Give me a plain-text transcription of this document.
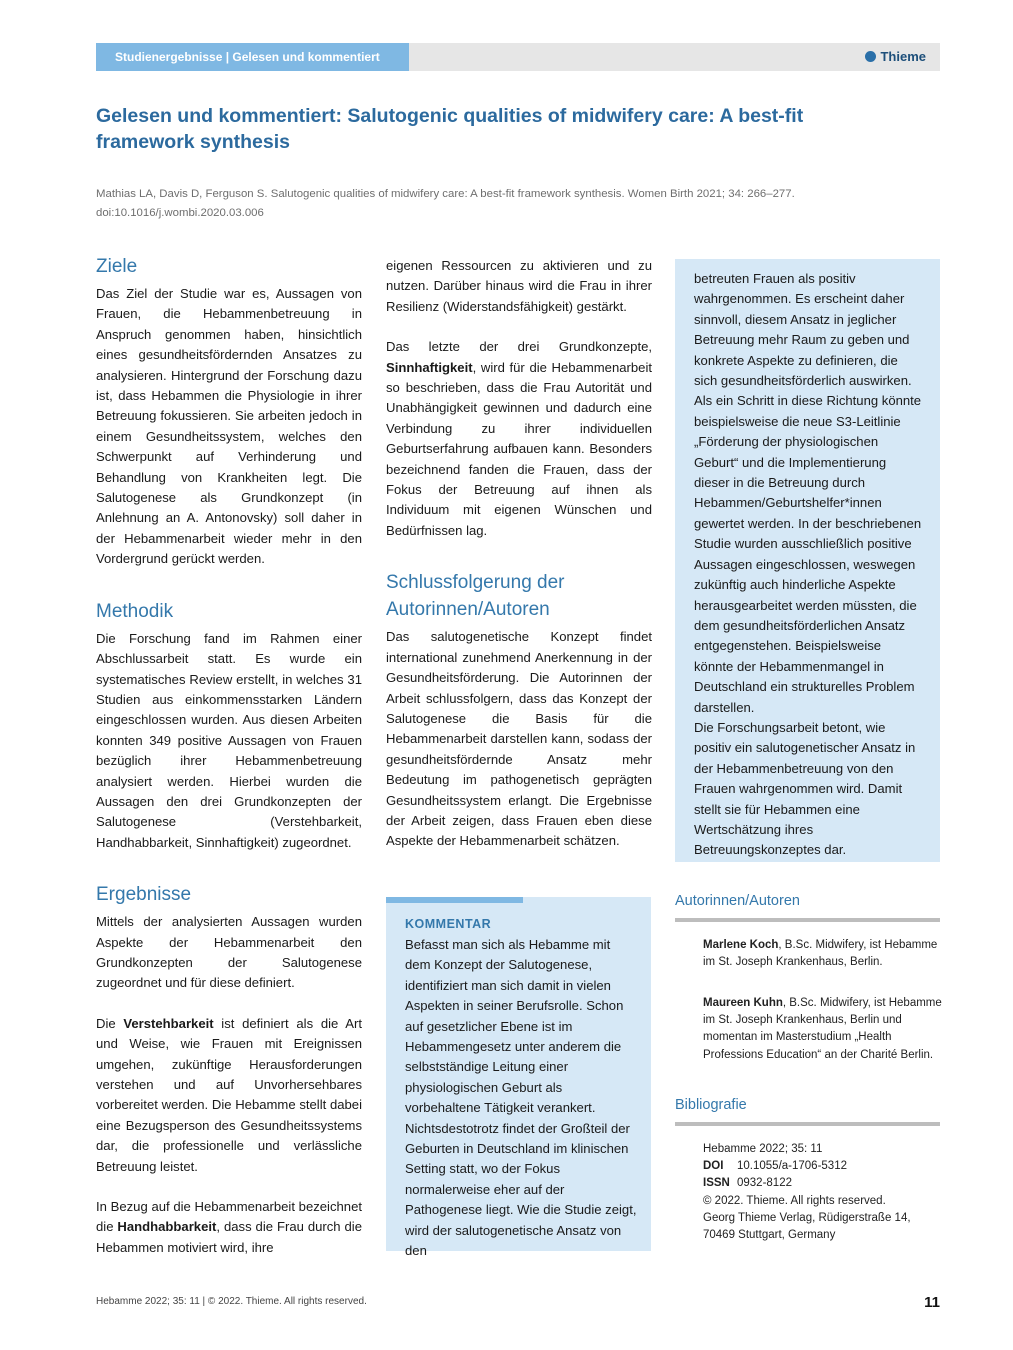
Studienergebnisse | Gelesen und kommentiert	Thieme
Gelesen und kommentiert: Salutogenic qualities of midwifery care: A best-fit framework synthesis
Mathias LA, Davis D, Ferguson S. Salutogenic qualities of midwifery care: A best-fit framework synthesis. Women Birth 2021; 34: 266–277.
doi:10.1016/j.wombi.2020.03.006
Ziele

Das Ziel der Studie war es, Aussagen von Frauen, die Hebammenbetreuung in Anspruch genommen haben, hinsichtlich eines gesundheitsfördernden Ansatzes zu analysieren. Hintergrund der Forschung dazu ist, dass Hebammen die Physiologie in ihrer Betreuung fokussieren. Sie arbeiten jedoch in einem Gesundheitssystem, welches den Schwerpunkt auf Verhinderung und Behandlung von Krankheiten legt. Die Salutogenese als Grundkonzept (in Anlehnung an A. Antonovsky) soll daher in der Hebammenarbeit wieder mehr in den Vordergrund gerückt werden.

Methodik

Die Forschung fand im Rahmen einer Abschlussarbeit statt. Es wurde ein systematisches Review erstellt, in welches 31 Studien aus einkommensstarken Ländern eingeschlossen wurden. Aus diesen Arbeiten konnten 349 positive Aussagen von Frauen bezüglich ihrer Hebammenbetreuung analysiert werden. Hierbei wurden die Aussagen den drei Grundkonzepten der Salutogenese (Verstehbarkeit, Handhabbarkeit, Sinnhaftigkeit) zugeordnet.

Ergebnisse

Mittels der analysierten Aussagen wurden Aspekte der Hebammenarbeit den Grundkonzepten der Salutogenese zugeordnet und für diese definiert.

Die Verstehbarkeit ist definiert als die Art und Weise, wie Frauen mit Ereignissen umgehen, zukünftige Herausforderungen verstehen und auf Unvorhersehbares vorbereitet werden. Die Hebamme stellt dabei eine Bezugsperson des Gesundheitssystems dar, die professionelle und verlässliche Betreuung leistet.

In Bezug auf die Hebammenarbeit bezeichnet die Handhabbarkeit, dass die Frau durch die Hebammen motiviert wird, ihre

eigenen Ressourcen zu aktivieren und zu nutzen. Darüber hinaus wird die Frau in ihrer Resilienz (Widerstandsfähigkeit) gestärkt.

Das letzte der drei Grundkonzepte, Sinnhaftigkeit, wird für die Hebammenarbeit so beschrieben, dass die Frau Autorität und Unabhängigkeit gewinnen und dadurch eine Verbindung zu ihrer individuellen Geburtserfahrung aufbauen kann. Besonders bezeichnend fanden die Frauen, dass der Fokus der Betreuung auf ihnen als Individuum mit eigenen Wünschen und Bedürfnissen lag.

Schlussfolgerung der Autorinnen/Autoren

Das salutogenetische Konzept findet international zunehmend Anerkennung in der Gesundheitsförderung. Die Autorinnen der Arbeit schlussfolgern, dass das Konzept der Salutogenese die Basis für die Hebammenarbeit darstellen kann, sodass der gesundheitsfördernde Ansatz mehr Bedeutung im pathogenetisch geprägten Gesundheitssystem erlangt. Die Ergebnisse der Arbeit zeigen, dass Frauen eben diese Aspekte der Hebammenarbeit schätzen.

KOMMENTAR

Befasst man sich als Hebamme mit dem Konzept der Salutogenese, identifiziert man sich damit in vielen Aspekten in seiner Berufsrolle. Schon auf gesetzlicher Ebene ist im Hebammengesetz unter anderem die selbstständige Leitung einer physiologischen Geburt als vorbehaltene Tätigkeit verankert. Nichtsdestotrotz findet der Großteil der Geburten in Deutschland im klinischen Setting statt, wo der Fokus normalerweise eher auf der Pathogenese liegt. Wie die Studie zeigt, wird der salutogenetische Ansatz von den

betreuten Frauen als positiv wahrgenommen. Es erscheint daher sinnvoll, diesem Ansatz in jeglicher Betreuung mehr Raum zu geben und konkrete Aspekte zu definieren, die sich gesundheitsförderlich auswirken. Als ein Schritt in diese Richtung könnte beispielsweise die neue S3-Leitlinie „Förderung der physiologischen Geburt“ und die Implementierung dieser in die Betreuung durch Hebammen/Geburtshelfer*innen gewertet werden. In der beschriebenen Studie wurden ausschließlich positive Aussagen eingeschlossen, weswegen zukünftig auch hinderliche Aspekte herausgearbeitet werden müssten, die dem gesundheitsförderlichen Ansatz entgegenstehen. Beispielsweise könnte der Hebammenmangel in Deutschland ein strukturelles Problem darstellen.

Die Forschungsarbeit betont, wie positiv ein salutogenetischer Ansatz in der Hebammenbetreuung von den Frauen wahrgenommen wird. Damit stellt sie für Hebammen eine Wertschätzung ihres Betreuungskonzeptes dar.

Autorinnen/Autoren
Marlene Koch, B.Sc. Midwifery, ist Hebamme im St. Joseph Krankenhaus, Berlin.
Maureen Kuhn, B.Sc. Midwifery, ist Hebamme im St. Joseph Krankenhaus, Berlin und momentan im Masterstudium „Health Professions Education“ an der Charité Berlin.
Bibliografie
Hebamme 2022; 35: 11
DOI 10.1055/a-1706-5312
ISSN 0932-8122
© 2022. Thieme. All rights reserved.
Georg Thieme Verlag, Rüdigerstraße 14,
70469 Stuttgart, Germany
Hebamme 2022; 35: 11 | © 2022. Thieme. All rights reserved.	11
